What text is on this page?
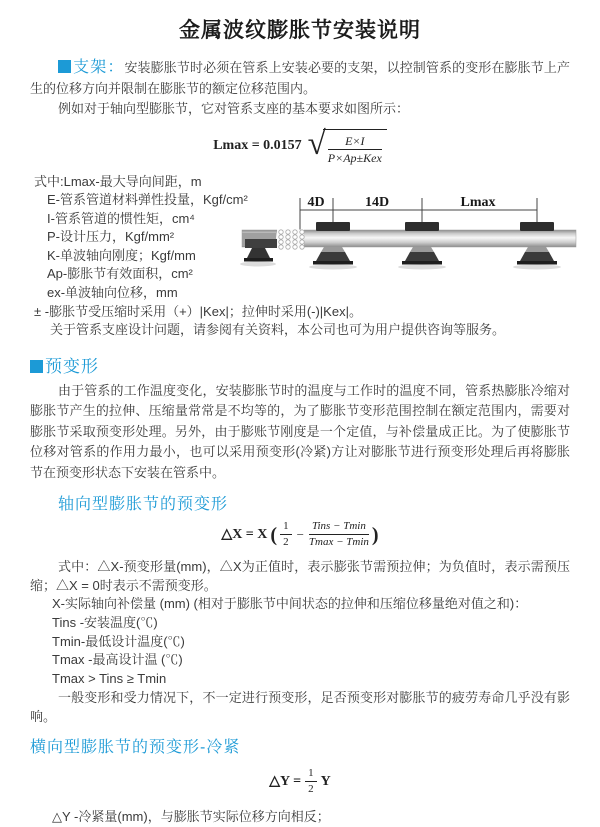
金属波纹膨胀节安装说明

支架：安装膨胀节时必须在管系上安装必要的支架，以控制管系的变形在膨胀节上产生的位移方向并限制在膨胀节的额定位移范围内。

例如对于轴向型膨胀节，它对管系支座的基本要求如图所示：

Lmax = 0.0157 √ $\frac{E\times I}{\text{P×Ap±Kex}}$
式中:Lmax-最大导向间距，m
E-管系管道材料弹性投量，Kgf/cm²
I-管系管道的惯性矩，cm⁴
P-设计压力，Kgf/mm²
K-单波轴向刚度；Kgf/mm
Ap-膨胀节有效面积，cm²
ex-单波轴向位移，mm

± -膨胀节受压缩时采用（+）|Kex|；拉伸时采用(-)|Kex|。

关于管系支座设计问题，请参阅有关资料，本公司也可为用户提供咨询等服务。

4D	14D	Lmax
预变形

由于管系的工作温度变化，安装膨胀节时的温度与工作时的温度不同，管系热膨胀冷缩对膨胀节产生的拉伸、压缩量常常是不均等的，为了膨胀节变形范围控制在额定范围内，需要对膨胀节采取预变形处理。另外，由于膨账节刚度是一个定值，与补偿量成正比。为了使膨胀节位移对管系的作用力最小，也可以采用预变形(冷紧)方让对膨胀节进行预变形处理后再将膨胀节在预变形状态下安装在管系中。

轴向型膨胀节的预变形
△X = X ( $\frac{1}{2} - \frac{\text{Tins − Tmin}}{Tmax - Tmin}$ )

式中：△X-预变形量(mm)，△X为正值时，表示膨张节需预拉伸；为负值时，表示需预压缩；△X = 0时表示不需预变形。

X-实际轴向补偿量 (mm) (相对于膨胀节中间状态的拉伸和压缩位移量绝对值之和)：

Tins -安装温度(℃)

Tmin-最低设计温度(℃)

Tmax -最高设计温 (℃)

Tmax > Tins ≥ Tmin

一般变形和受力情况下，不一定进行预变形，足否预变形对膨胀节的疲劳寿命几乎没有影响。

横向型膨胀节的预变形-冷紧
△Y = $\frac{1}{2}$ Y

△Y -冷紧量(mm)，与膨胀节实际位移方向相反；
